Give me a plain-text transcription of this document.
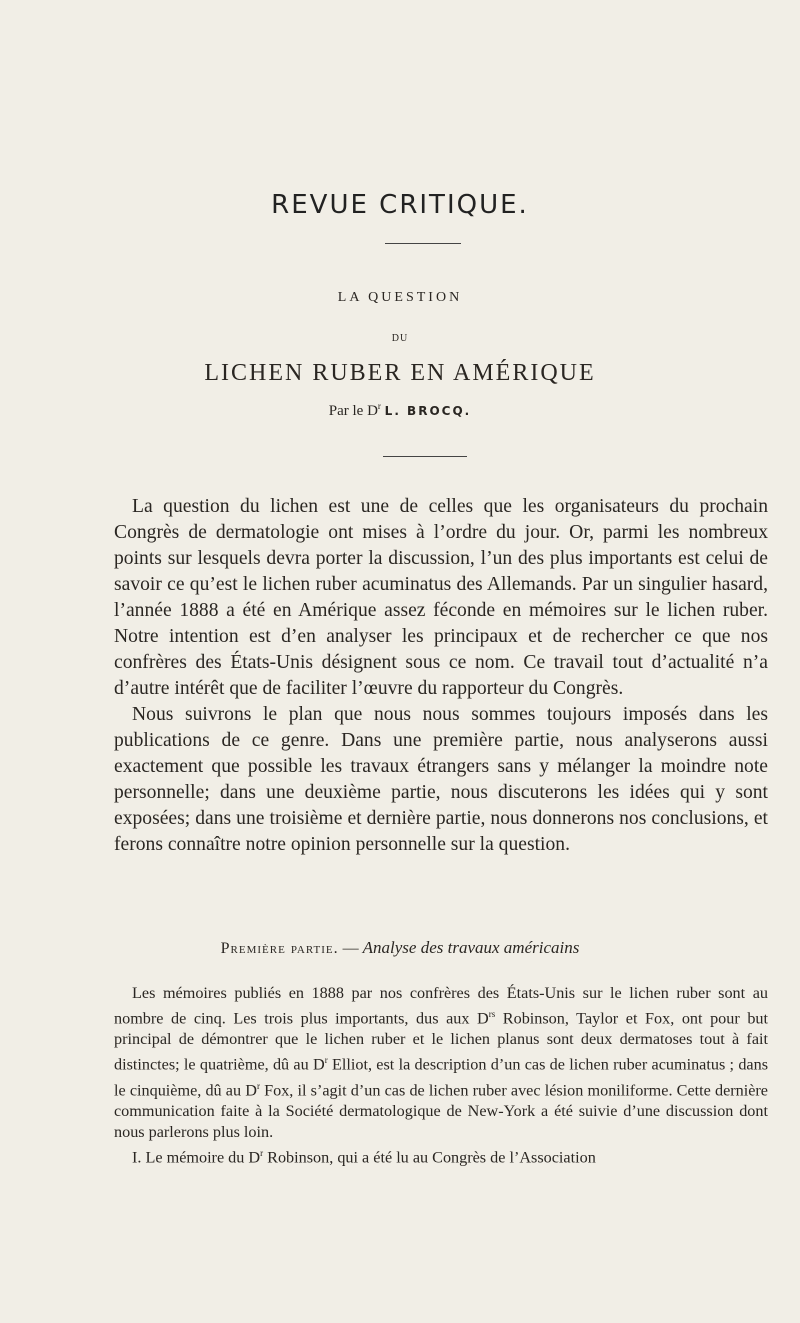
REVUE CRITIQUE.
LA QUESTION
DU
LICHEN RUBER EN AMÉRIQUE
Par le $D^r$ L. BROCQ.

La question du lichen est une de celles que les organisateurs du prochain Congrès de dermatologie ont mises à l’ordre du jour. Or, parmi les nombreux points sur lesquels devra porter la discussion, l’un des plus importants est celui de savoir ce qu’est le lichen ruber acuminatus des Allemands. Par un singulier hasard, l’année 1888 a été en Amérique assez féconde en mémoires sur le lichen ruber. Notre intention est d’en analyser les principaux et de rechercher ce que nos confrères des États-Unis désignent sous ce nom. Ce travail tout d’actualité n’a d’autre intérêt que de faciliter l’œuvre du rapporteur du Congrès.

Nous suivrons le plan que nous nous sommes toujours imposés dans les publications de ce genre. Dans une première partie, nous analyserons aussi exactement que possible les travaux étrangers sans y mélanger la moindre note personnelle; dans une deuxième partie, nous discuterons les idées qui y sont exposées; dans une troisième et dernière partie, nous donnerons nos conclusions, et ferons connaître notre opinion personnelle sur la question.

Première partie. — Analyse des travaux américains

Les mémoires publiés en 1888 par nos confrères des États-Unis sur le lichen ruber sont au nombre de cinq. Les trois plus importants, dus aux $D^{rs}$ Robinson, Taylor et Fox, ont pour but principal de démontrer que le lichen ruber et le lichen planus sont deux dermatoses tout à fait distinctes; le quatrième, dû au $D^r$ Elliot, est la description d’un cas de lichen ruber acuminatus ; dans le cinquième, dû au $D^r$ Fox, il s’agit d’un cas de lichen ruber avec lésion moniliforme. Cette dernière communication faite à la Société dermatologique de New-York a été suivie d’une discussion dont nous parlerons plus loin.

I. Le mémoire du $D^r$ Robinson, qui a été lu au Congrès de l’Association
